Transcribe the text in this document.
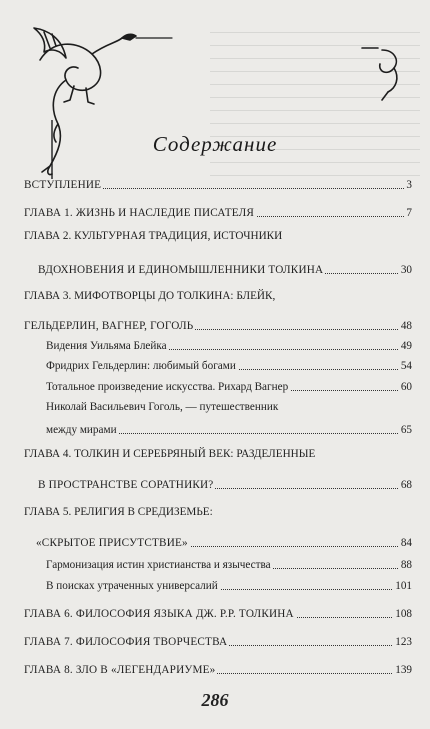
Содержание
ВСТУПЛЕНИЕ	3
ГЛАВА 1. ЖИЗНЬ И НАСЛЕДИЕ ПИСАТЕЛЯ	7
ГЛАВА 2. КУЛЬТУРНАЯ ТРАДИЦИЯ, ИСТОЧНИКИ
ВДОХНОВЕНИЯ И ЕДИНОМЫШЛЕННИКИ ТОЛКИНА	30
ГЛАВА 3. МИФОТВОРЦЫ ДО ТОЛКИНА: БЛЕЙК,
ГЕЛЬДЕРЛИН, ВАГНЕР, ГОГОЛЬ	48
Видения Уильяма Блейка	49
Фридрих Гельдерлин: любимый богами	54
Тотальное произведение искусства. Рихард Вагнер	60
Николай Васильевич Гоголь, — путешественник
между мирами	65
ГЛАВА 4. ТОЛКИН И СЕРЕБРЯНЫЙ ВЕК: РАЗДЕЛЕННЫЕ
В ПРОСТРАНСТВЕ СОРАТНИКИ?	68
ГЛАВА 5. РЕЛИГИЯ В СРЕДИЗЕМЬЕ:
«СКРЫТОЕ ПРИСУТСТВИЕ»	84
Гармонизация истин христианства и язычества	88
В поисках утраченных универсалий	101
ГЛАВА 6. ФИЛОСОФИЯ ЯЗЫКА ДЖ. Р.Р. ТОЛКИНА	108
ГЛАВА 7. ФИЛОСОФИЯ ТВОРЧЕСТВА	123
ГЛАВА 8. ЗЛО В «ЛЕГЕНДАРИУМЕ»	139
286
